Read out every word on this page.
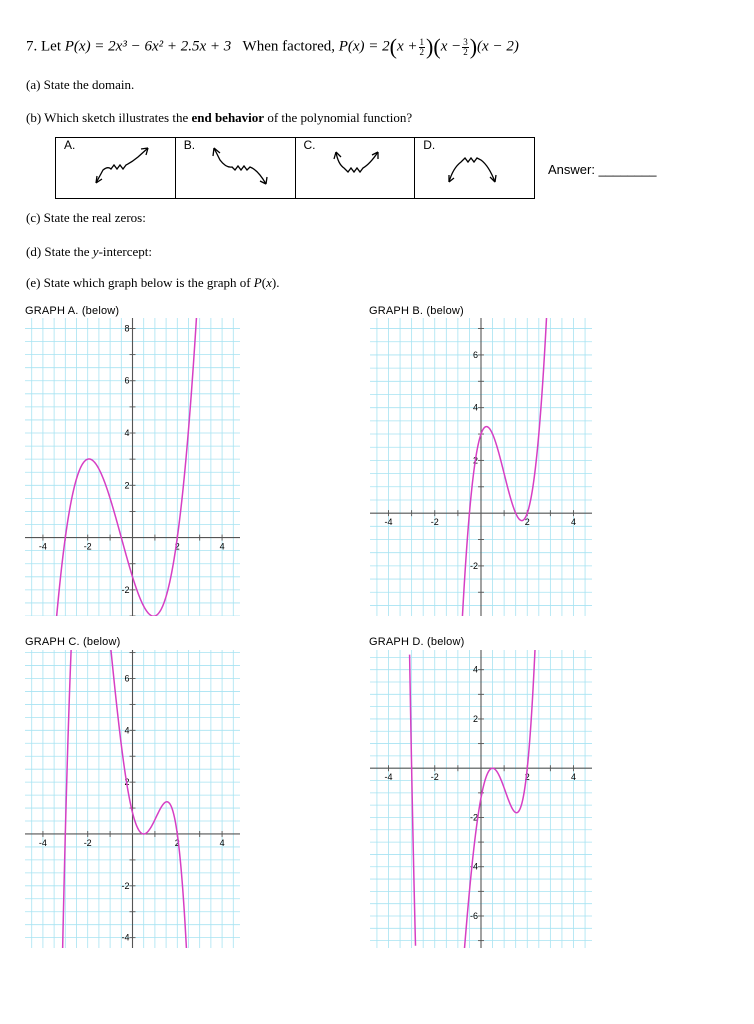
7. Let P(x) = 2x³ − 6x² + 2.5x + 3 When factored, $P(x) = 2(x + \frac{1}{2} )(x - \frac{3}{2} )(x - 2)$
(a) State the domain.
(b) Which sketch illustrates the end behavior of the polynomial function?
A.	B.	C.	D.
Answer: ________
(c) State the real zeros:
(d) State the y-intercept:
(e) State which graph below is the graph of P(x).
GRAPH A. (below)	GRAPH B. (below)
GRAPH C. (below)	GRAPH D. (below)
-4	-2	2	4
8
6
4
2
-2
-4	-2	2	4
6
4
2
-2
-4	-2	2	4
6
4
2
-2
-4
-4	-2	2	4
4
2
-2
-4
-6
